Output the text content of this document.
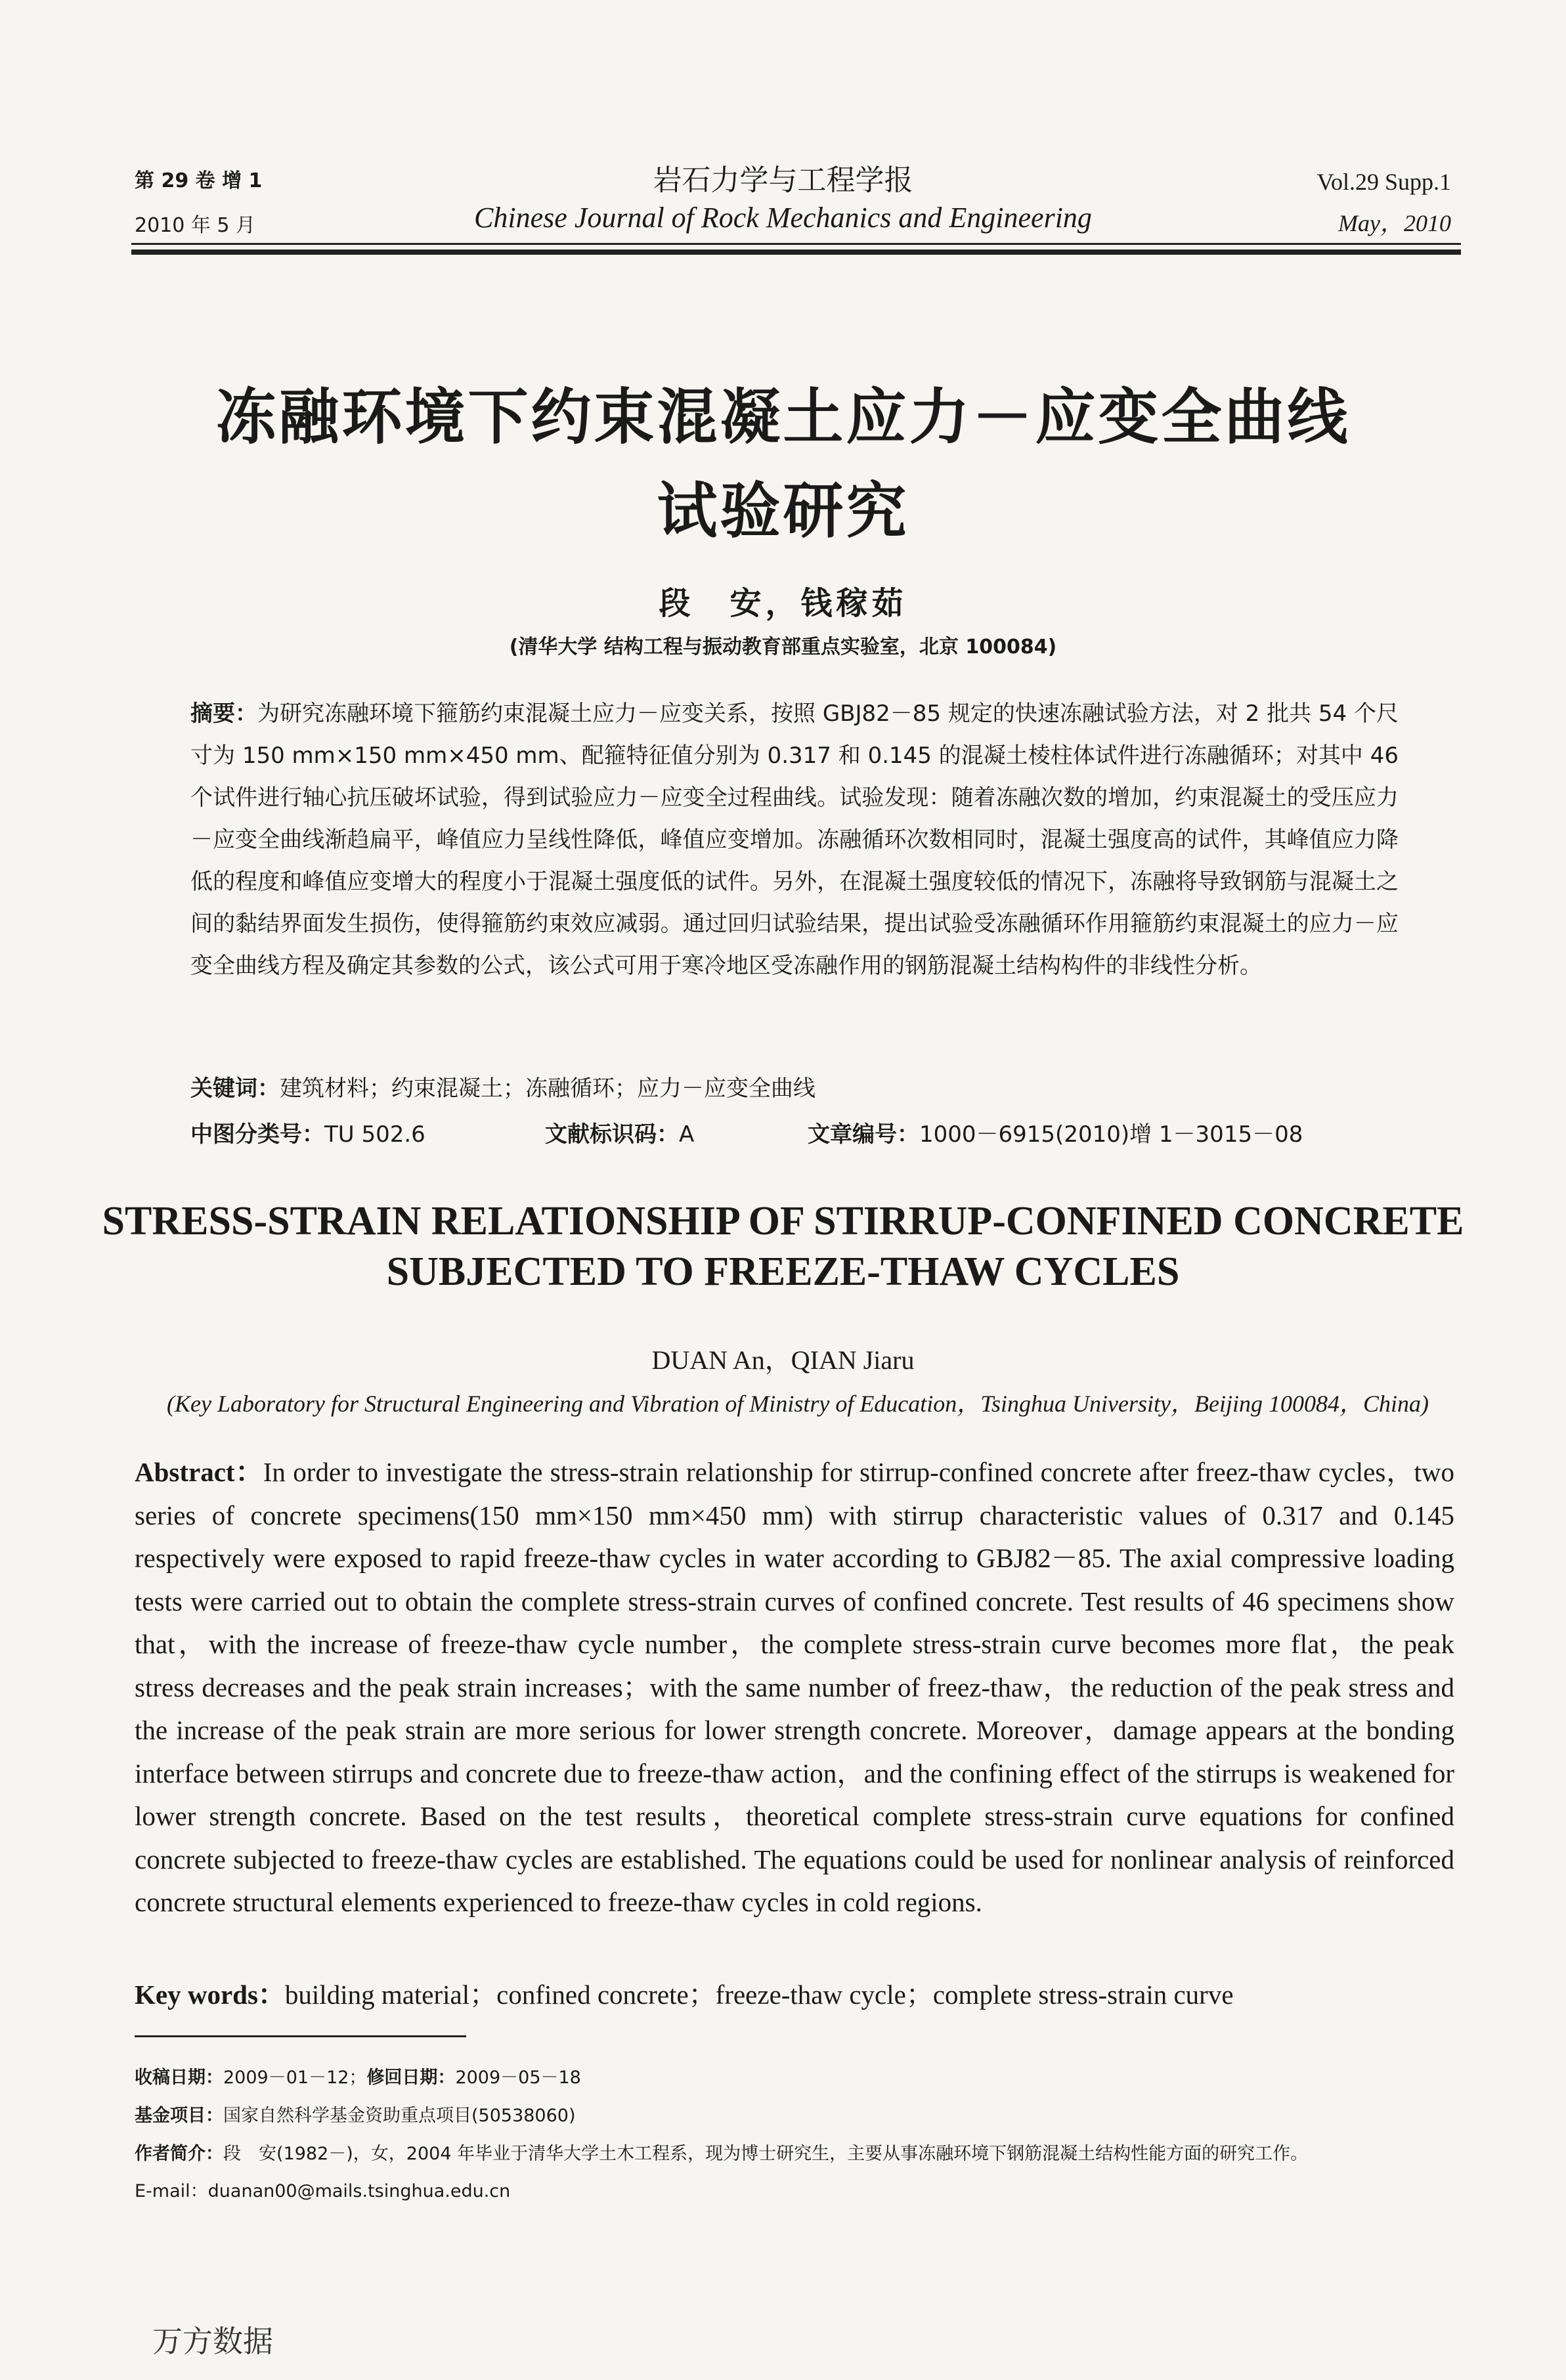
第 29 卷 增 1
2010 年 5 月
岩石力学与工程学报
Chinese Journal of Rock Mechanics and Engineering
Vol.29 Supp.1
May，2010
冻融环境下约束混凝土应力－应变全曲线
试验研究
段　安，钱稼茹
(清华大学 结构工程与振动教育部重点实验室，北京 100084)
摘要：为研究冻融环境下箍筋约束混凝土应力－应变关系，按照 GBJ82－85 规定的快速冻融试验方法，对 2 批共 54 个尺寸为 150 mm×150 mm×450 mm、配箍特征值分别为 0.317 和 0.145 的混凝土棱柱体试件进行冻融循环；对其中 46 个试件进行轴心抗压破坏试验，得到试验应力－应变全过程曲线。试验发现：随着冻融次数的增加，约束混凝土的受压应力－应变全曲线渐趋扁平，峰值应力呈线性降低，峰值应变增加。冻融循环次数相同时，混凝土强度高的试件，其峰值应力降低的程度和峰值应变增大的程度小于混凝土强度低的试件。另外，在混凝土强度较低的情况下，冻融将导致钢筋与混凝土之间的黏结界面发生损伤，使得箍筋约束效应减弱。通过回归试验结果，提出试验受冻融循环作用箍筋约束混凝土的应力－应变全曲线方程及确定其参数的公式，该公式可用于寒冷地区受冻融作用的钢筋混凝土结构构件的非线性分析。
关键词：建筑材料；约束混凝土；冻融循环；应力－应变全曲线
中图分类号：TU 502.6	文献标识码：A	文章编号：1000－6915(2010)增 1－3015－08
STRESS-STRAIN RELATIONSHIP OF STIRRUP-CONFINED CONCRETE
SUBJECTED TO FREEZE-THAW CYCLES
DUAN An，QIAN Jiaru
(Key Laboratory for Structural Engineering and Vibration of Ministry of Education，Tsinghua University，Beijing 100084，China)
Abstract：In order to investigate the stress-strain relationship for stirrup-confined concrete after freez-thaw cycles，two series of concrete specimens(150 mm×150 mm×450 mm) with stirrup characteristic values of 0.317 and 0.145 respectively were exposed to rapid freeze-thaw cycles in water according to GBJ82－85. The axial compressive loading tests were carried out to obtain the complete stress-strain curves of confined concrete. Test results of 46 specimens show that，with the increase of freeze-thaw cycle number，the complete stress-strain curve becomes more flat，the peak stress decreases and the peak strain increases；with the same number of freez-thaw，the reduction of the peak stress and the increase of the peak strain are more serious for lower strength concrete. Moreover，damage appears at the bonding interface between stirrups and concrete due to freeze-thaw action，and the confining effect of the stirrups is weakened for lower strength concrete. Based on the test results，theoretical complete stress-strain curve equations for confined concrete subjected to freeze-thaw cycles are established. The equations could be used for nonlinear analysis of reinforced concrete structural elements experienced to freeze-thaw cycles in cold regions.
Key words：building material；confined concrete；freeze-thaw cycle；complete stress-strain curve
收稿日期：2009－01－12；修回日期：2009－05－18
基金项目：国家自然科学基金资助重点项目(50538060)
作者简介：段　安(1982－)，女，2004 年毕业于清华大学土木工程系，现为博士研究生，主要从事冻融环境下钢筋混凝土结构性能方面的研究工作。
E-mail：duanan00@mails.tsinghua.edu.cn
万方数据
